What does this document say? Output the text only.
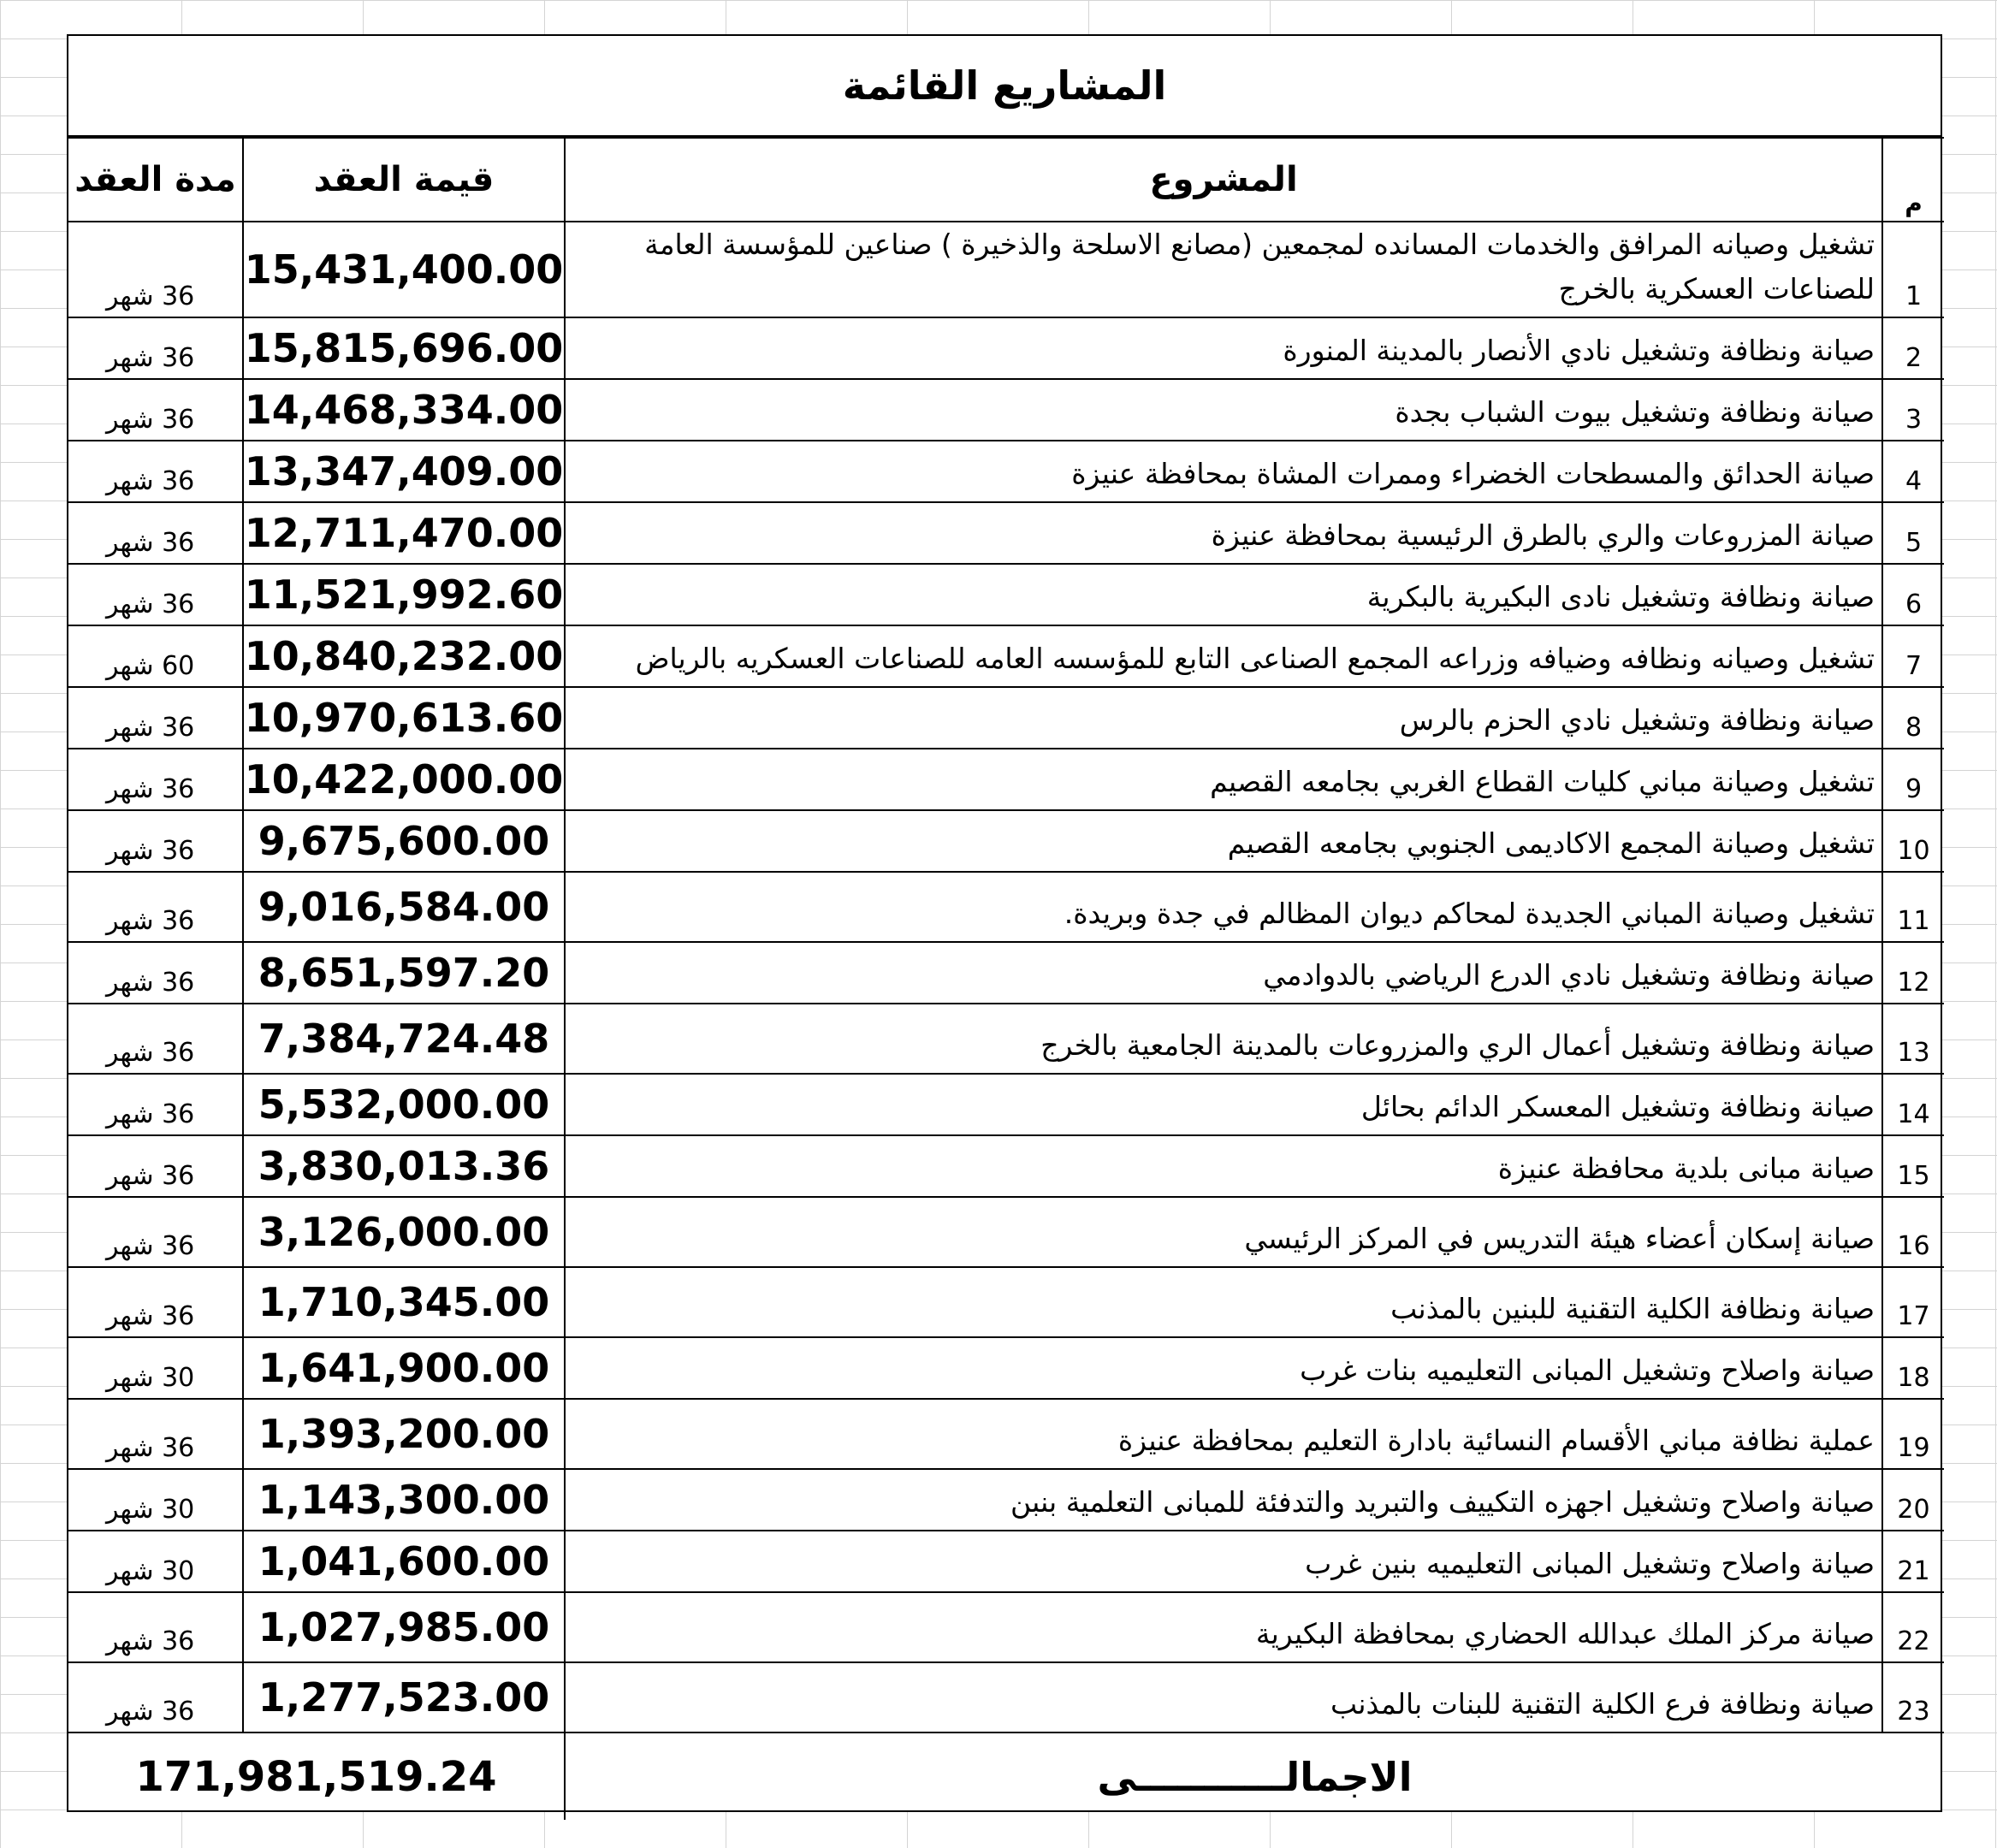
المشاريع القائمة
مدة العقد	قيمة العقد	المشروع	م
36 شهر	15,431,400.00	تشغيل وصيانه المرافق والخدمات المسانده لمجمعين (مصانع الاسلحة والذخيرة ) صناعين للمؤسسة العامة للصناعات العسكرية بالخرج	1
36 شهر	15,815,696.00	صيانة ونظافة وتشغيل نادي الأنصار بالمدينة المنورة	2
36 شهر	14,468,334.00	صيانة ونظافة وتشغيل بيوت الشباب بجدة	3
36 شهر	13,347,409.00	صيانة الحدائق والمسطحات الخضراء وممرات المشاة بمحافظة عنيزة	4
36 شهر	12,711,470.00	صيانة المزروعات والري بالطرق الرئيسية بمحافظة عنيزة	5
36 شهر	11,521,992.60	صيانة ونظافة وتشغيل نادى البكيرية بالبكرية	6
60 شهر	10,840,232.00	تشغيل وصيانه ونظافه وضيافه وزراعه المجمع الصناعى التابع للمؤسسه العامه للصناعات العسكريه بالرياض	7
36 شهر	10,970,613.60	صيانة ونظافة وتشغيل نادي الحزم بالرس	8
36 شهر	10,422,000.00	تشغيل وصيانة مباني كليات القطاع الغربي بجامعه القصيم	9
36 شهر	9,675,600.00	تشغيل وصيانة المجمع الاكاديمى الجنوبي بجامعه القصيم	10
36 شهر	9,016,584.00	تشغيل وصيانة المباني الجديدة لمحاكم ديوان المظالم في جدة وبريدة.	11
36 شهر	8,651,597.20	صيانة ونظافة وتشغيل نادي الدرع الرياضي بالدوادمي	12
36 شهر	7,384,724.48	صيانة ونظافة وتشغيل أعمال الري والمزروعات بالمدينة الجامعية بالخرج	13
36 شهر	5,532,000.00	صيانة ونظافة وتشغيل المعسكر الدائم بحائل	14
36 شهر	3,830,013.36	صيانة مبانى بلدية محافظة عنيزة	15
36 شهر	3,126,000.00	صيانة إسكان أعضاء هيئة التدريس في المركز الرئيسي	16
36 شهر	1,710,345.00	صيانة ونظافة الكلية التقنية للبنين بالمذنب	17
30 شهر	1,641,900.00	صيانة واصلاح وتشغيل المبانى التعليميه بنات غرب	18
36 شهر	1,393,200.00	عملية نظافة مباني الأقسام النسائية بادارة التعليم بمحافظة عنيزة	19
30 شهر	1,143,300.00	صيانة واصلاح وتشغيل اجهزه التكييف والتبريد والتدفئة للمبانى التعلمية بنبن	20
30 شهر	1,041,600.00	صيانة واصلاح وتشغيل المبانى التعليميه بنين غرب	21
36 شهر	1,027,985.00	صيانة مركز الملك عبدالله الحضاري بمحافظة البكيرية	22
36 شهر	1,277,523.00	صيانة ونظافة فرع الكلية التقنية للبنات بالمذنب	23
171,981,519.24		الاجمالـــــــــــى	
